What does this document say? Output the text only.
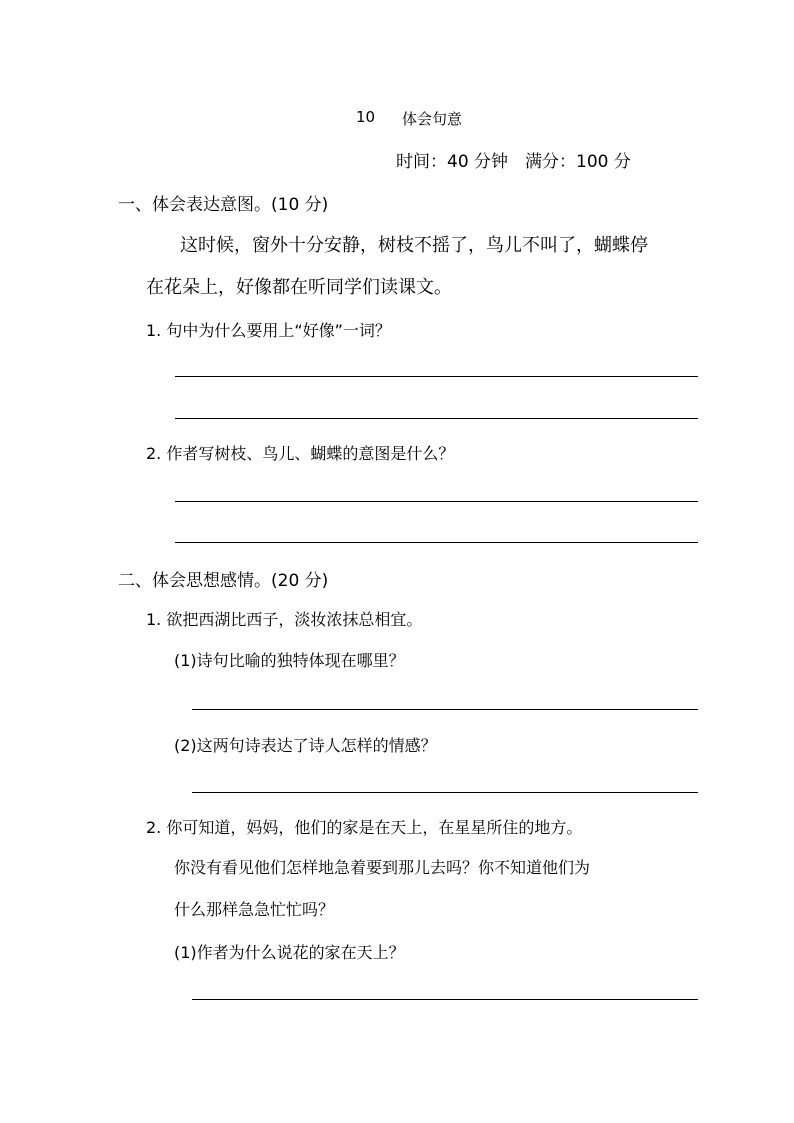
10 体会句意
时间：40 分钟　满分：100 分
一、体会表达意图。(10 分)
这时候，窗外十分安静，树枝不摇了，鸟儿不叫了，蝴蝶停
在花朵上，好像都在听同学们读课文。
1. 句中为什么要用上“好像”一词？
2. 作者写树枝、鸟儿、蝴蝶的意图是什么？
二、体会思想感情。(20 分)
1. 欲把西湖比西子，淡妆浓抹总相宜。
(1)诗句比喻的独特体现在哪里？
(2)这两句诗表达了诗人怎样的情感？
2. 你可知道，妈妈，他们的家是在天上，在星星所住的地方。
你没有看见他们怎样地急着要到那儿去吗？你不知道他们为
什么那样急急忙忙吗？
(1)作者为什么说花的家在天上？
